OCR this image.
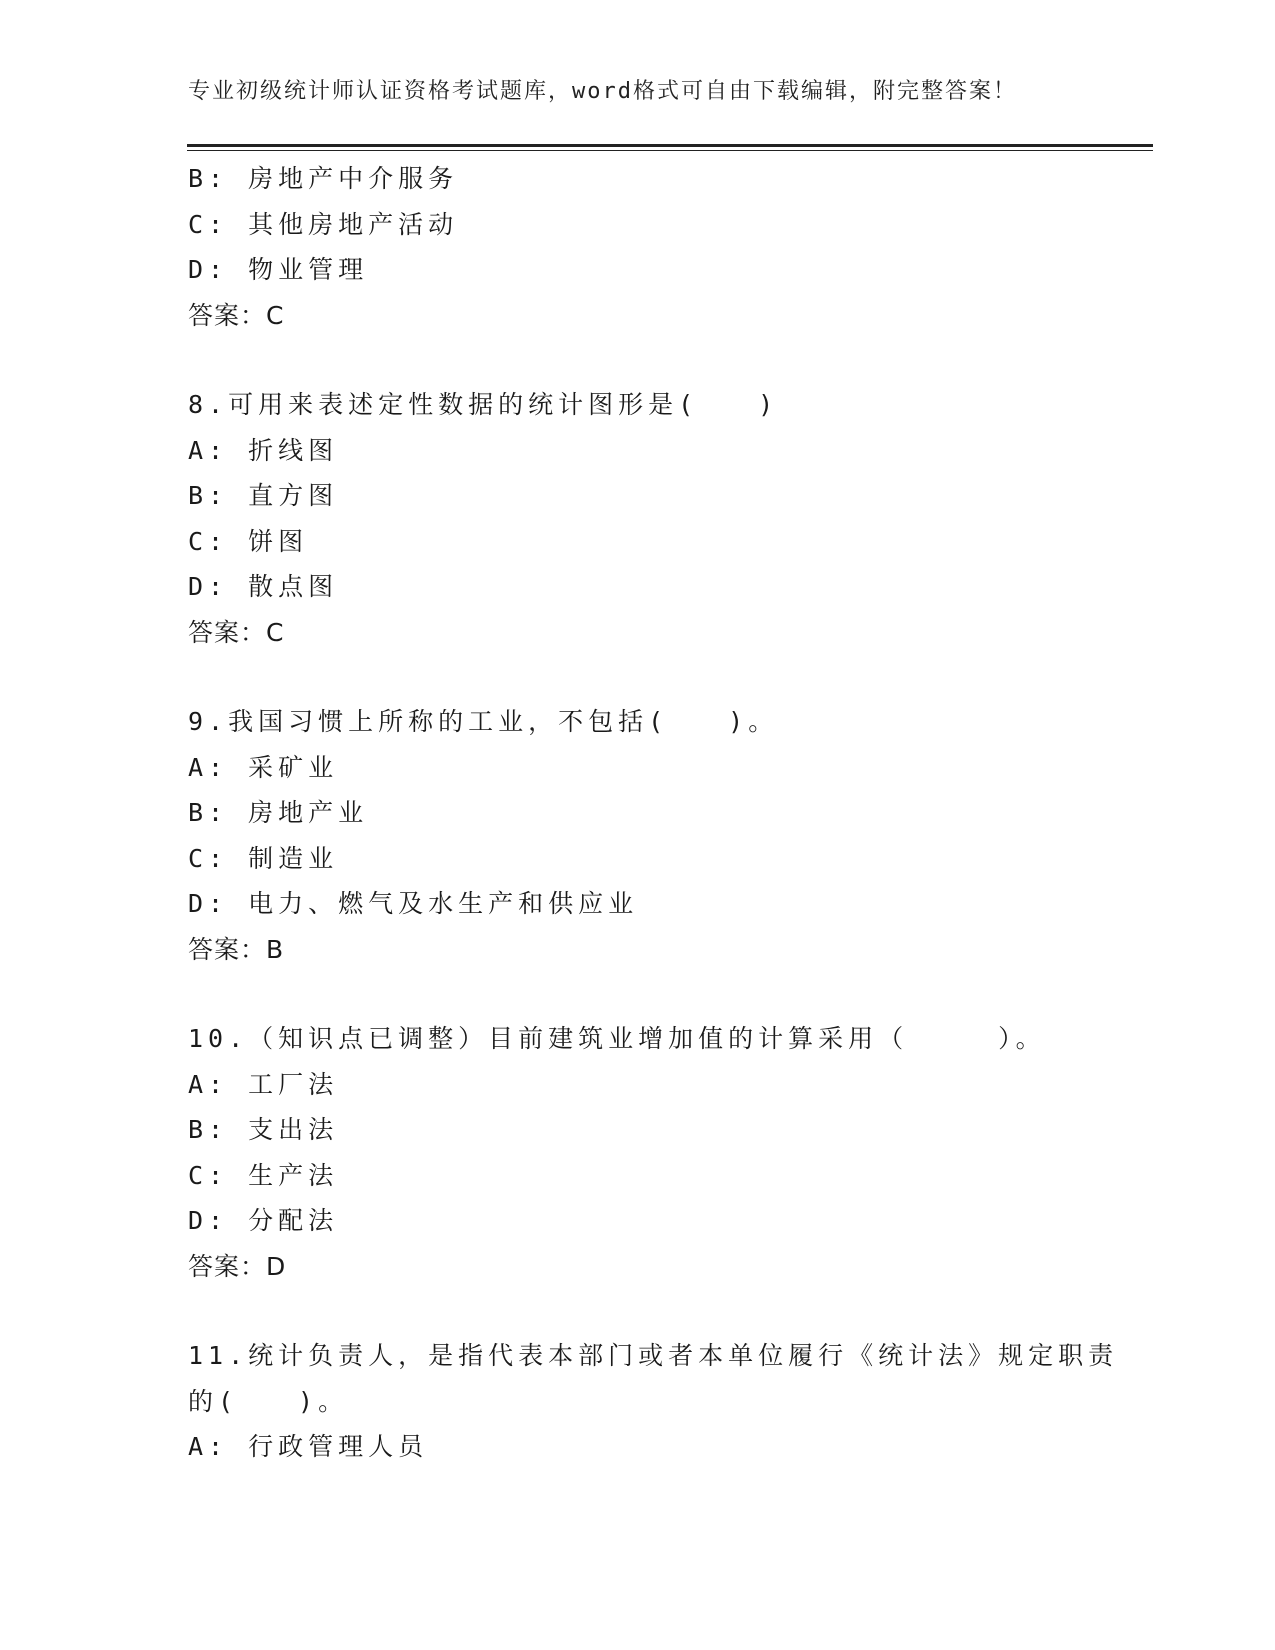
专业初级统计师认证资格考试题库，word格式可自由下载编辑，附完整答案！
B: 房地产中介服务
C: 其他房地产活动
D: 物业管理
答案：C
8.可用来表述定性数据的统计图形是(　　)
A: 折线图
B: 直方图
C: 饼图
D: 散点图
答案：C
9.我国习惯上所称的工业，不包括(　　)。
A: 采矿业
B: 房地产业
C: 制造业
D: 电力、燃气及水生产和供应业
答案：B
10.（知识点已调整）目前建筑业增加值的计算采用（　　　）。
A: 工厂法
B: 支出法
C: 生产法
D: 分配法
答案：D
11.统计负责人，是指代表本部门或者本单位履行《统计法》规定职责
的(　　)。
A: 行政管理人员
